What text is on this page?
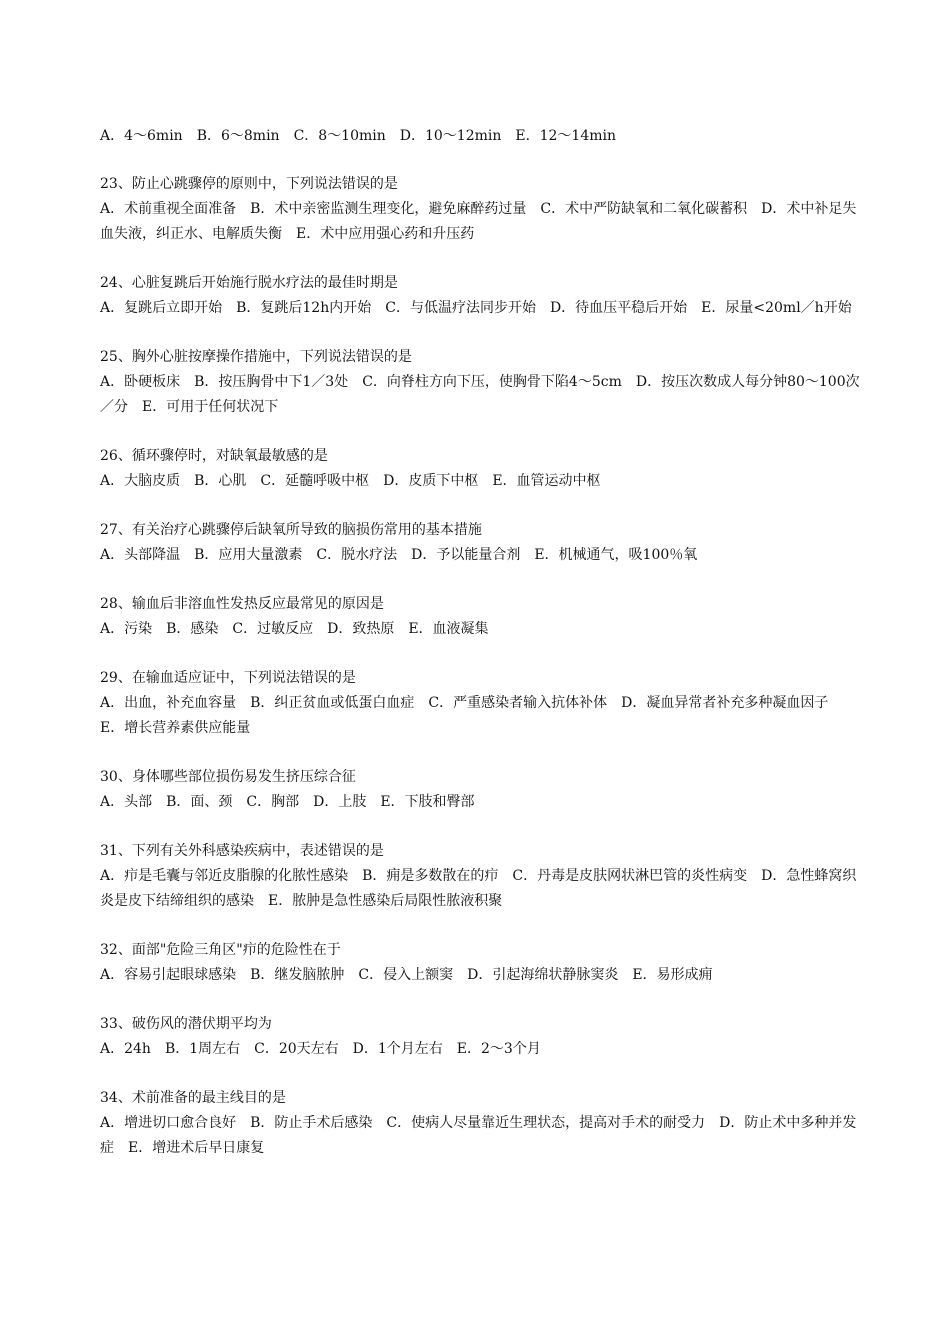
A．4～6min　B．6～8min　C．8～10min　D．10～12min　E．12～14min
23、防止心跳骤停的原则中，下列说法错误的是
A．术前重视全面准备　B．术中亲密监测生理变化，避免麻醉药过量　C．术中严防缺氧和二氧化碳蓄积　D．术中补足失血失液，纠正水、电解质失衡　E．术中应用强心药和升压药
24、心脏复跳后开始施行脱水疗法的最佳时期是
A．复跳后立即开始　B．复跳后12h内开始　C．与低温疗法同步开始　D．待血压平稳后开始　E．尿量<20ml／h开始
25、胸外心脏按摩操作措施中，下列说法错误的是
A．卧硬板床　B．按压胸骨中下1／3处　C．向脊柱方向下压，使胸骨下陷4～5cm　D．按压次数成人每分钟80～100次／分　E．可用于任何状况下
26、循环骤停时，对缺氧最敏感的是
A．大脑皮质　B．心肌　C．延髓呼吸中枢　D．皮质下中枢　E．血管运动中枢
27、有关治疗心跳骤停后缺氧所导致的脑损伤常用的基本措施
A．头部降温　B．应用大量激素　C．脱水疗法　D．予以能量合剂　E．机械通气，吸100％氧
28、输血后非溶血性发热反应最常见的原因是
A．污染　B．感染　C．过敏反应　D．致热原　E．血液凝集
29、在输血适应证中，下列说法错误的是
A．出血，补充血容量　B．纠正贫血或低蛋白血症　C．严重感染者输入抗体补体　D．凝血异常者补充多种凝血因子　E．增长营养素供应能量
30、身体哪些部位损伤易发生挤压综合征
A．头部　B．面、颈　C．胸部　D．上肢　E．下肢和臀部
31、下列有关外科感染疾病中，表述错误的是
A．疖是毛囊与邻近皮脂腺的化脓性感染　B．痈是多数散在的疖　C．丹毒是皮肤网状淋巴管的炎性病变　D．急性蜂窝织炎是皮下结缔组织的感染　E．脓肿是急性感染后局限性脓液积聚
32、面部"危险三角区"疖的危险性在于
A．容易引起眼球感染　B．继发脑脓肿　C．侵入上额窦　D．引起海绵状静脉窦炎　E．易形成痈
33、破伤风的潜伏期平均为
A．24h　B．1周左右　C．20天左右　D．1个月左右　E．2～3个月
34、术前准备的最主线目的是
A．增进切口愈合良好　B．防止手术后感染　C．使病人尽量靠近生理状态，提高对手术的耐受力　D．防止术中多种并发症　E．增进术后早日康复
